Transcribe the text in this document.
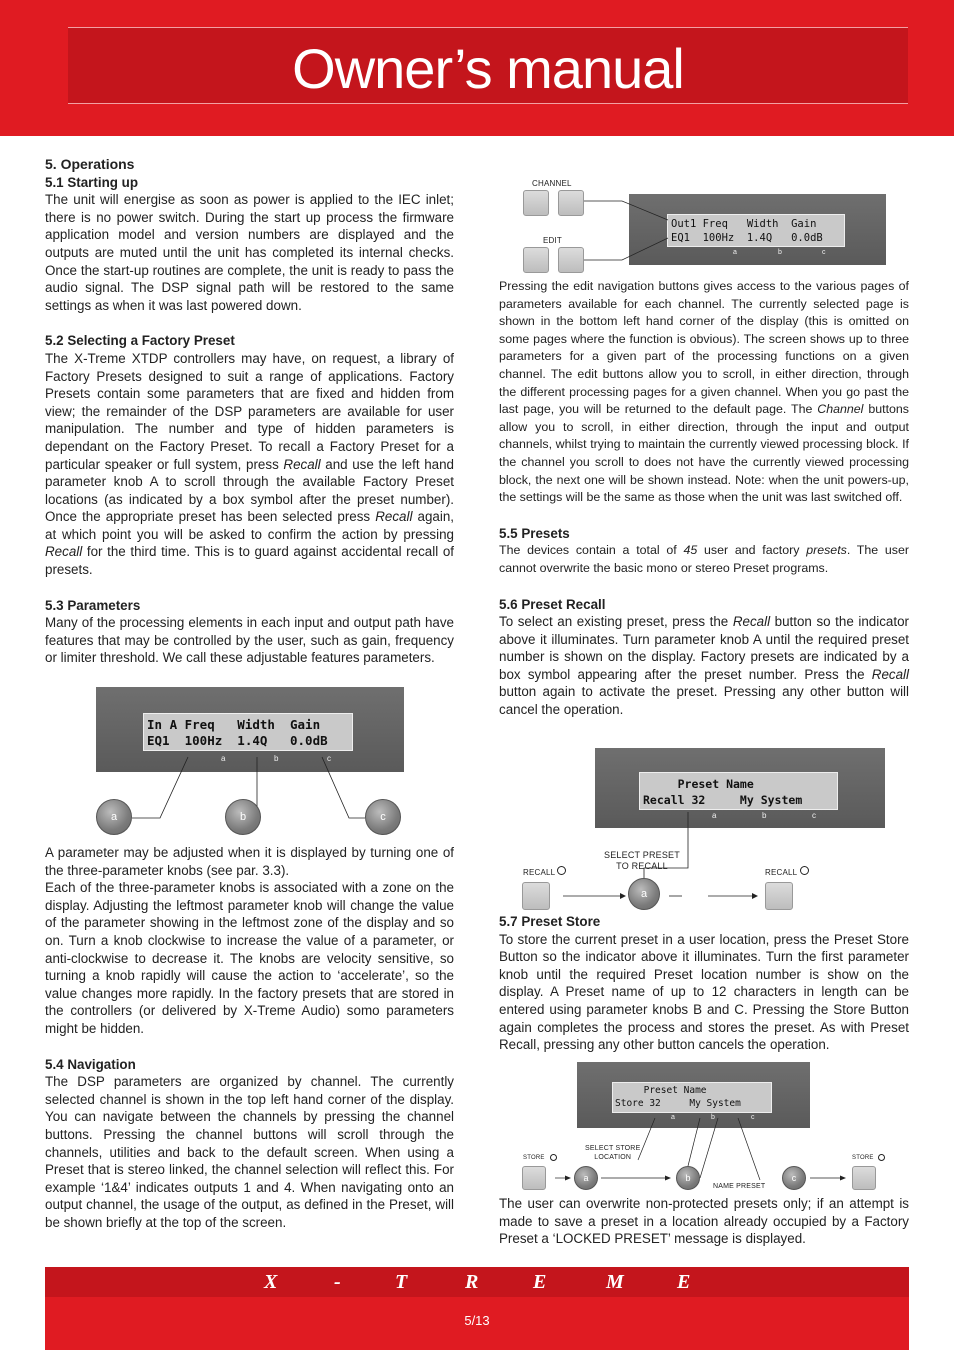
Owner’s manual

5. Operations

5.1 Starting up

The unit will energise as soon as power is applied to the IEC inlet; there is no power switch. During the start up process the firmware application model and version numbers are displayed and the outputs are muted until the unit has completed its internal checks. Once the start-up routines are complete, the unit is ready to pass the audio signal. The DSP signal path will be restored to the same settings as when it was last powered down.

5.2 Selecting a Factory Preset

The X-Treme XTDP controllers may have, on request, a library of Factory Presets designed to suit a range of applications. Factory Presets contain some parameters that are fixed and hidden from view; the remainder of the DSP parameters are available for user manipulation. The number and type of hidden parameters is dependant on the Factory Preset. To recall a Factory Preset for a particular speaker or full system, press Recall and use the left hand parameter knob A to scroll through the available Factory Preset locations (as indicated by a box symbol after the preset number). Once the appropriate preset has been selected press Recall again, at which point you will be asked to confirm the action by pressing Recall for the third time. This is to guard against accidental recall of presets.

5.3 Parameters

Many of the processing elements in each input and output path have features that may be controlled by the user, such as gain, frequency or limiter threshold. We call these adjustable features parameters.

In A Freq   Width  Gain
EQ1  100Hz  1.4Q   0.0dB
a	b	c
a	b	c

A parameter may be adjusted when it is displayed by turning one of the three-parameter knobs (see par. 3.3).

Each of the three-parameter knobs is associated with a zone on the display. Adjusting the leftmost parameter knob will change the value of the parameter showing in the leftmost zone of the display and so on. Turn a knob clockwise to increase the value of a parameter, or anti-clockwise to decrease it. The knobs are velocity sensitive, so turning a knob rapidly will cause the action to ‘accelerate’, so the value changes more rapidly. In the factory presets that are stored in the controllers (or delivered by X-Treme Audio) somo parameters might be hidden.

5.4 Navigation

The DSP parameters are organized by channel. The currently selected channel is shown in the top left hand corner of the display. You can navigate between the channels by pressing the channel buttons. Pressing the channel buttons will scroll through the channels, utilities and back to the default screen. When using a Preset that is stereo linked, the channel selection will reflect this. For example ‘1&4’ indicates outputs 1 and 4. When navigating onto an output channel, the usage of the output, as defined in the Preset, will be shown briefly at the top of the screen.

CHANNEL
EDIT
Out1 Freq   Width  Gain
EQ1  100Hz  1.4Q   0.0dB
a	b	c

Pressing the edit navigation buttons gives access to the various pages of parameters available for each channel. The currently selected page is shown in the bottom left hand corner of the display (this is omitted on some pages where the function is obvious). The screen shows up to three parameters for a given part of the processing functions on a given channel. The edit buttons allow you to scroll, in either direction, through the different processing pages for a given channel. When you go past the last page, you will be returned to the default page. The Channel buttons allow you to scroll, in either direction, through the input and output channels, whilst trying to maintain the currently viewed processing block. If the channel you scroll to does not have the currently viewed processing block, the next one will be shown instead. Note: when the unit powers-up, the settings will be the same as those when the unit was last switched off.

5.5 Presets

The devices contain a total of 45 user and factory presets. The user cannot overwrite the basic mono or stereo Preset programs.

5.6 Preset Recall

To select an existing preset, press the Recall button so the indicator above it illuminates. Turn parameter knob A until the required preset number is shown on the display. Factory presets are indicated by a box symbol appearing after the preset number. Press the Recall button again to activate the preset. Pressing any other button will cancel the operation.

Preset Name
Recall 32     My System
a	b	c
RECALL
SELECT PRESET
TO RECALL
a
RECALL

5.7 Preset Store

To store the current preset in a user location, press the Preset Store Button so the indicator above it illuminates. Turn the first parameter knob until the required Preset location number is show on the display. A Preset name of up to 12 characters in length can be entered using parameter knobs B and C. Pressing the Store Button again completes the process and stores the preset. As with Preset Recall, pressing any other button cancels the operation.

Preset Name
Store 32     My System
a	b	c
STORE
SELECT STORE
LOCATION
a	b
NAME PRESET
c
STORE

The user can overwrite non-protected presets only; if an attempt is made to save a preset in a location already occupied by a Factory Preset a ‘LOCKED PRESET’ message is displayed.

X	-	T	R	E	M	E
5/13
